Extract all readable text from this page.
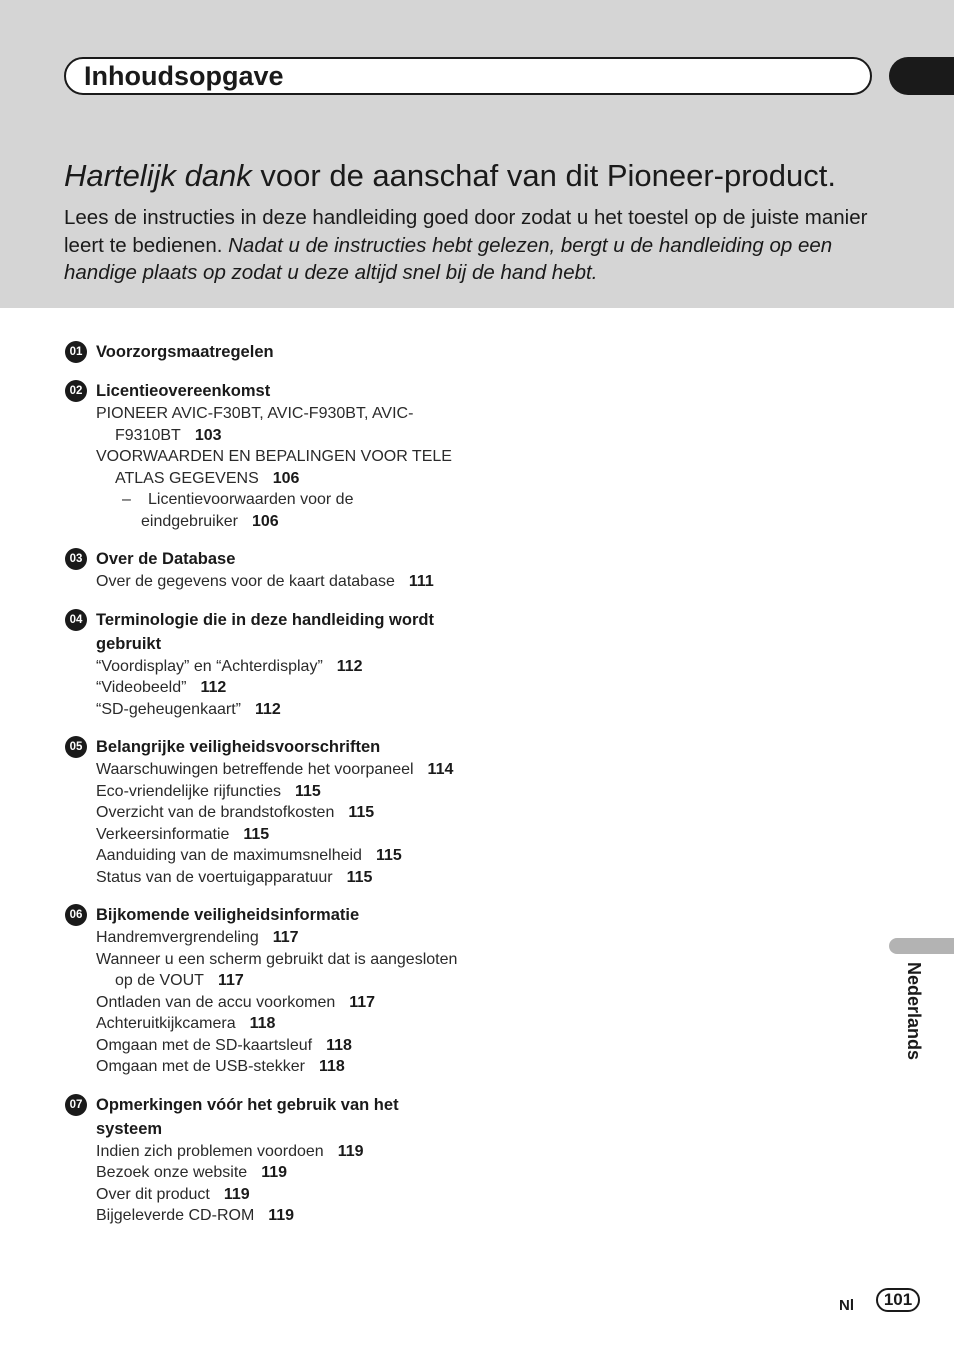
Inhoudsopgave
Hartelijk dank voor de aanschaf van dit Pioneer-product.
Lees de instructies in deze handleiding goed door zodat u het toestel op de juiste manier leert te bedienen. Nadat u de instructies hebt gelezen, bergt u de handleiding op een handige plaats op zodat u deze altijd snel bij de hand hebt.
01 Voorzorgsmaatregelen
02 Licentieovereenkomst
PIONEER AVIC-F30BT, AVIC-F930BT, AVIC-F9310BT 103
VOORWAARDEN EN BEPALINGEN VOOR TELE ATLAS GEGEVENS 106
– Licentievoorwaarden voor de eindgebruiker 106
03 Over de Database
Over de gegevens voor de kaart database 111
04 Terminologie die in deze handleiding wordt gebruikt
“Voordisplay” en “Achterdisplay” 112
“Videobeeld” 112
“SD-geheugenkaart” 112
05 Belangrijke veiligheidsvoorschriften
Waarschuwingen betreffende het voorpaneel 114
Eco-vriendelijke rijfuncties 115
Overzicht van de brandstofkosten 115
Verkeersinformatie 115
Aanduiding van de maximumsnelheid 115
Status van de voertuigapparatuur 115
06 Bijkomende veiligheidsinformatie
Handremvergrendeling 117
Wanneer u een scherm gebruikt dat is aangesloten op de VOUT 117
Ontladen van de accu voorkomen 117
Achteruitkijkcamera 118
Omgaan met de SD-kaartsleuf 118
Omgaan met de USB-stekker 118
07 Opmerkingen vóór het gebruik van het systeem
Indien zich problemen voordoen 119
Bezoek onze website 119
Over dit product 119
Bijgeleverde CD-ROM 119
Nederlands
Nl	101
